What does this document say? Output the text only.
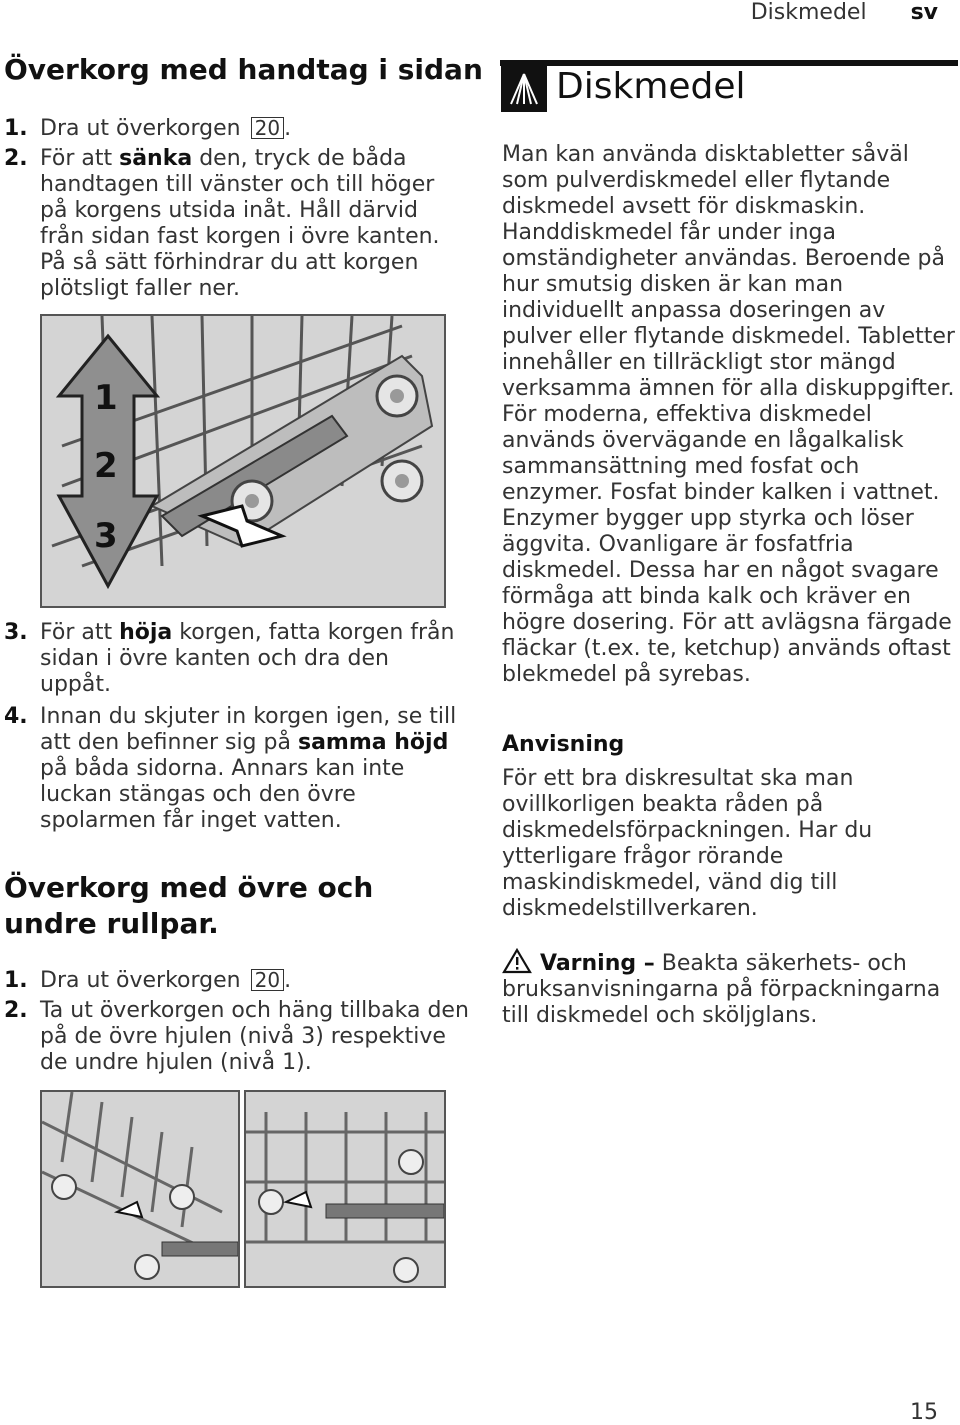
Diskmedel sv
Överkorg med handtag i sidan
1. Dra ut överkorgen 20 .
2. För att sänka den, tryck de båda handtagen till vänster och till höger på korgens utsida inåt. Håll därvid från sidan fast korgen i övre kanten. På så sätt förhindrar du att korgen plötsligt faller ner.
1
2
3
3. För att höja korgen, fatta korgen från sidan i övre kanten och dra den uppåt.
4. Innan du skjuter in korgen igen, se till att den befinner sig på samma höjd på båda sidorna. Annars kan inte luckan stängas och den övre spolarmen får inget vatten.
Överkorg med övre och undre rullpar.
1. Dra ut överkorgen 20 .
2. Ta ut överkorgen och häng tillbaka den på de övre hjulen (nivå 3) respektive de undre hjulen (nivå 1).
Diskmedel

Man kan använda disktabletter såväl som pulverdiskmedel eller flytande diskmedel avsett för diskmaskin. Handdiskmedel får under inga omständigheter användas. Beroende på hur smutsig disken är kan man individuellt anpassa doseringen av pulver eller flytande diskmedel. Tabletter innehåller en tillräckligt stor mängd verksamma ämnen för alla diskuppgifter. För moderna, effektiva diskmedel används övervägande en lågalkalisk sammansättning med fosfat och enzymer. Fosfat binder kalken i vattnet. Enzymer bygger upp styrka och löser äggvita. Ovanligare är fosfatfria diskmedel. Dessa har en något svagare förmåga att binda kalk och kräver en högre dosering. För att avlägsna färgade fläckar (t.ex. te, ketchup) används oftast blekmedel på syrebas.

Anvisning

För ett bra diskresultat ska man ovillkorligen beakta råden på diskmedelsförpackningen. Har du ytterligare frågor rörande maskindiskmedel, vänd dig till diskmedelstillverkaren.

Varning – Beakta säkerhets- och bruksanvisningarna på förpackningarna till diskmedel och sköljglans.

15
